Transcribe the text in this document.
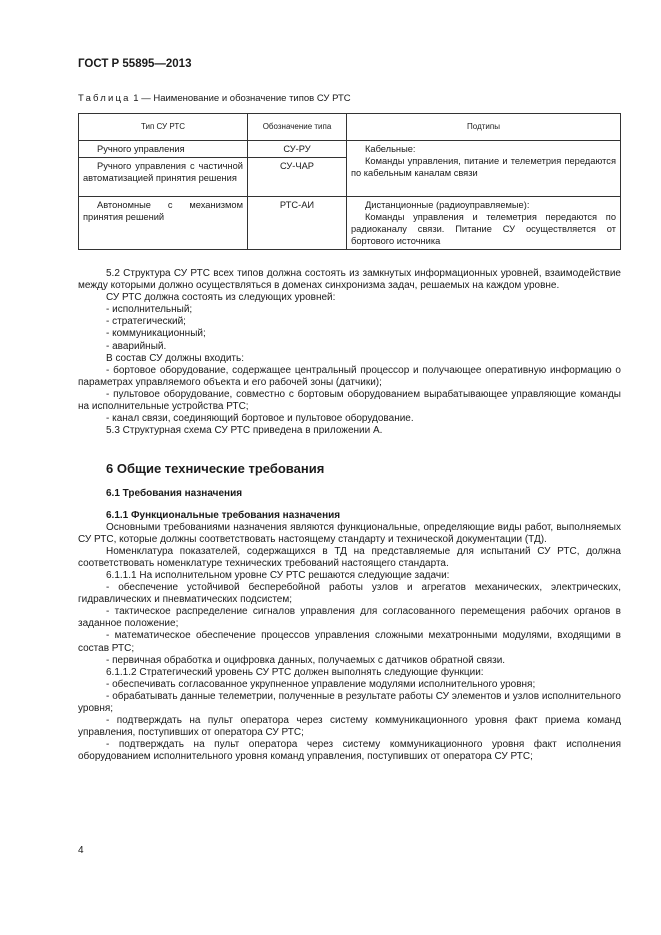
ГОСТ Р 55895—2013
Таблица 1 — Наименование и обозначение типов СУ РТС
Тип СУ РТС	Обозначение типа	Подтипы
Ручного управления	СУ-РУ	Кабельные:
Команды управления, питание и телеметрия передаются по кабельным каналам связи

Ручного управления с частичной автоматизацией принятия решения	СУ-ЧАР	
Автономные с механизмом принятия решений	РТС-АИ	Дистанционные (радиоуправляемые):
Команды управления и телеметрия передаются по радиоканалу связи. Питание СУ осуществляется от бортового источника

5.2 Структура СУ РТС всех типов должна состоять из замкнутых информационных уровней, взаимодействие между которыми должно осуществляться в доменах синхронизма задач, решаемых на каждом уровне.

СУ РТС должна состоять из следующих уровней:

- исполнительный;

- стратегический;

- коммуникационный;

- аварийный.

В состав СУ должны входить:

- бортовое оборудование, содержащее центральный процессор и получающее оперативную информацию о параметрах управляемого объекта и его рабочей зоны (датчики);

- пультовое оборудование, совместно с бортовым оборудованием вырабатывающее управляющие команды на исполнительные устройства РТС;

- канал связи, соединяющий бортовое и пультовое оборудование.

5.3 Структурная схема СУ РТС приведена в приложении А.

6 Общие технические требования

6.1 Требования назначения

6.1.1 Функциональные требования назначения

Основными требованиями назначения являются функциональные, определяющие виды работ, выполняемых СУ РТС, которые должны соответствовать настоящему стандарту и технической документации (ТД).

Номенклатура показателей, содержащихся в ТД на представляемые для испытаний СУ РТС, должна соответствовать номенклатуре технических требований настоящего стандарта.

6.1.1.1 На исполнительном уровне СУ РТС решаются следующие задачи:

- обеспечение устойчивой бесперебойной работы узлов и агрегатов механических, электрических, гидравлических и пневматических подсистем;

- тактическое распределение сигналов управления для согласованного перемещения рабочих органов в заданное положение;

- математическое обеспечение процессов управления сложными мехатронными модулями, входящими в состав РТС;

- первичная обработка и оцифровка данных, получаемых с датчиков обратной связи.

6.1.1.2 Стратегический уровень СУ РТС должен выполнять следующие функции:

- обеспечивать согласованное укрупненное управление модулями исполнительного уровня;

- обрабатывать данные телеметрии, полученные в результате работы СУ элементов и узлов исполнительного уровня;

- подтверждать на пульт оператора через систему коммуникационного уровня факт приема команд управления, поступивших от оператора СУ РТС;

- подтверждать на пульт оператора через систему коммуникационного уровня факт исполнения оборудованием исполнительного уровня команд управления, поступивших от оператора СУ РТС;

4
